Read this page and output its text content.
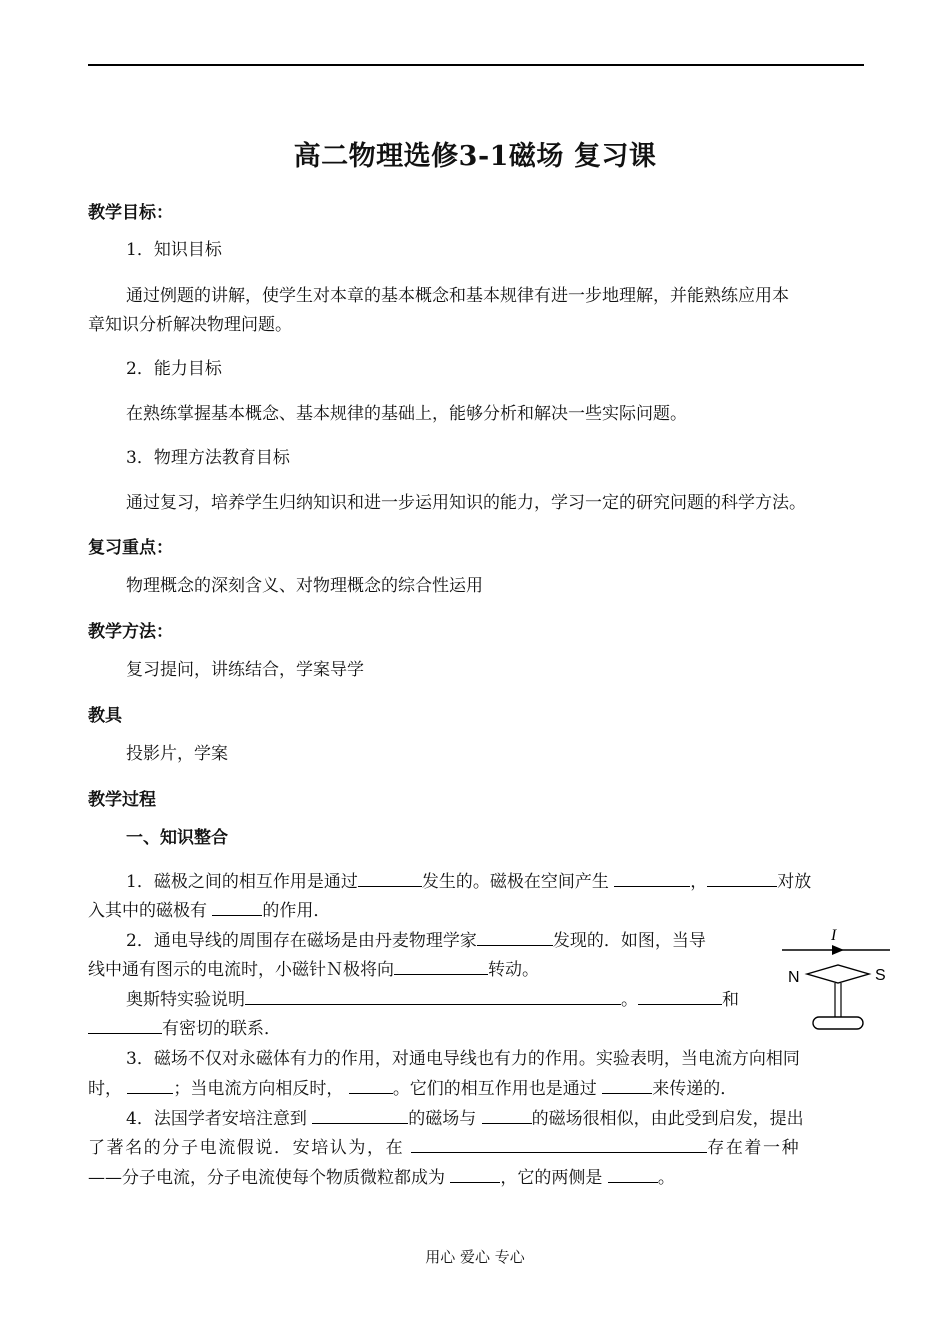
高二物理选修3-1磁场 复习课
教学目标：
1．知识目标
通过例题的讲解，使学生对本章的基本概念和基本规律有进一步地理解，并能熟练应用本
章知识分析解决物理问题。
2．能力目标
在熟练掌握基本概念、基本规律的基础上，能够分析和解决一些实际问题。
3．物理方法教育目标
通过复习，培养学生归纳知识和进一步运用知识的能力，学习一定的研究问题的科学方法。
复习重点：
物理概念的深刻含义、对物理概念的综合性运用
教学方法：
复习提问，讲练结合，学案导学
教具
投影片，学案
教学过程
一、知识整合
1．磁极之间的相互作用是通过	发生的。磁极在空间产生	，	对放
入其中的磁极有	的作用．
2．通电导线的周围存在磁场是由丹麦物理学家	发现的．如图，当导
线中通有图示的电流时，小磁针Ｎ极将向	转动。
奥斯特实验说明	。	和
有密切的联系．
I
N	S
3．磁场不仅对永磁体有力的作用，对通电导线也有力的作用。实验表明，当电流方向相同
时，	；当电流方向相反时，	。它们的相互作用也是通过	来传递的．
4．法国学者安培注意到	的磁场与	的磁场很相似，由此受到启发，提出
了著名的分子电流假说．安培认为，在	存在着一种
——分子电流，分子电流使每个物质微粒都成为	，它的两侧是	。
用心 爱心 专心
